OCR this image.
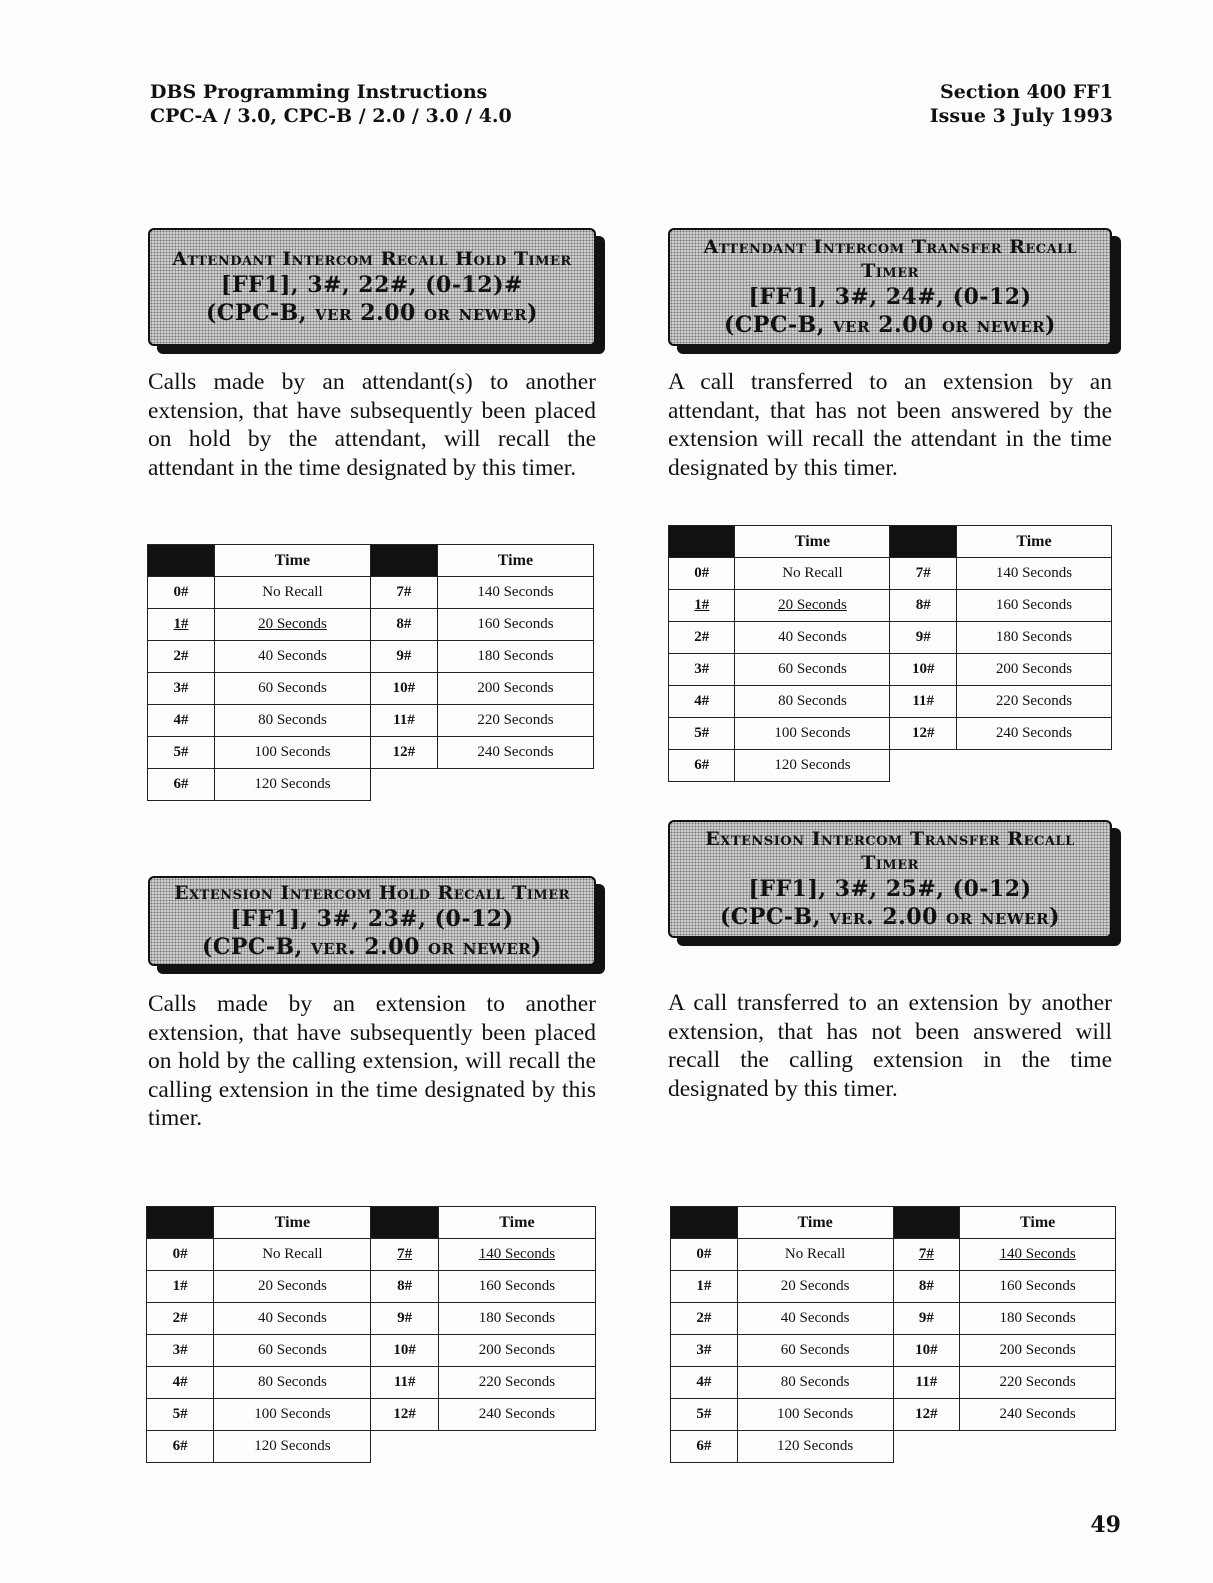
DBS Programming Instructions
CPC-A / 3.0, CPC-B / 2.0 / 3.0 / 4.0
Section 400 FF1
Issue 3 July 1993
Attendant Intercom Recall Hold Timer
[FF1], 3#, 22#, (0-12)#
(CPC-B, ver 2.00 or newer)

Calls made by an attendant(s) to another extension, that have subsequently been placed on hold by the attendant, will recall the attendant in the time designated by this timer.

	Time		Time
0#	No Recall	7#	140 Seconds
1#	20 Seconds	8#	160 Seconds
2#	40 Seconds	9#	180 Seconds
3#	60 Seconds	10#	200 Seconds
4#	80 Seconds	11#	220 Seconds
5#	100 Seconds	12#	240 Seconds
6#	120 Seconds		
Attendant Intercom Transfer Recall Timer
[FF1], 3#, 24#, (0-12)
(CPC-B, ver 2.00 or newer)

A call transferred to an extension by an attendant, that has not been answered by the extension will recall the attendant in the time designated by this timer.

	Time		Time
0#	No Recall	7#	140 Seconds
1#	20 Seconds	8#	160 Seconds
2#	40 Seconds	9#	180 Seconds
3#	60 Seconds	10#	200 Seconds
4#	80 Seconds	11#	220 Seconds
5#	100 Seconds	12#	240 Seconds
6#	120 Seconds		
Extension Intercom Transfer Recall Timer
[FF1], 3#, 25#, (0-12)
(CPC-B, ver. 2.00 or newer)

A call transferred to an extension by another extension, that has not been answered will recall the calling extension in the time designated by this timer.

	Time		Time
0#	No Recall	7#	140 Seconds
1#	20 Seconds	8#	160 Seconds
2#	40 Seconds	9#	180 Seconds
3#	60 Seconds	10#	200 Seconds
4#	80 Seconds	11#	220 Seconds
5#	100 Seconds	12#	240 Seconds
6#	120 Seconds		
Extension Intercom Hold Recall Timer
[FF1], 3#, 23#, (0-12)
(CPC-B, ver. 2.00 or newer)

Calls made by an extension to another extension, that have subsequently been placed on hold by the calling extension, will recall the calling extension in the time designated by this timer.

	Time		Time
0#	No Recall	7#	140 Seconds
1#	20 Seconds	8#	160 Seconds
2#	40 Seconds	9#	180 Seconds
3#	60 Seconds	10#	200 Seconds
4#	80 Seconds	11#	220 Seconds
5#	100 Seconds	12#	240 Seconds
6#	120 Seconds		
49
